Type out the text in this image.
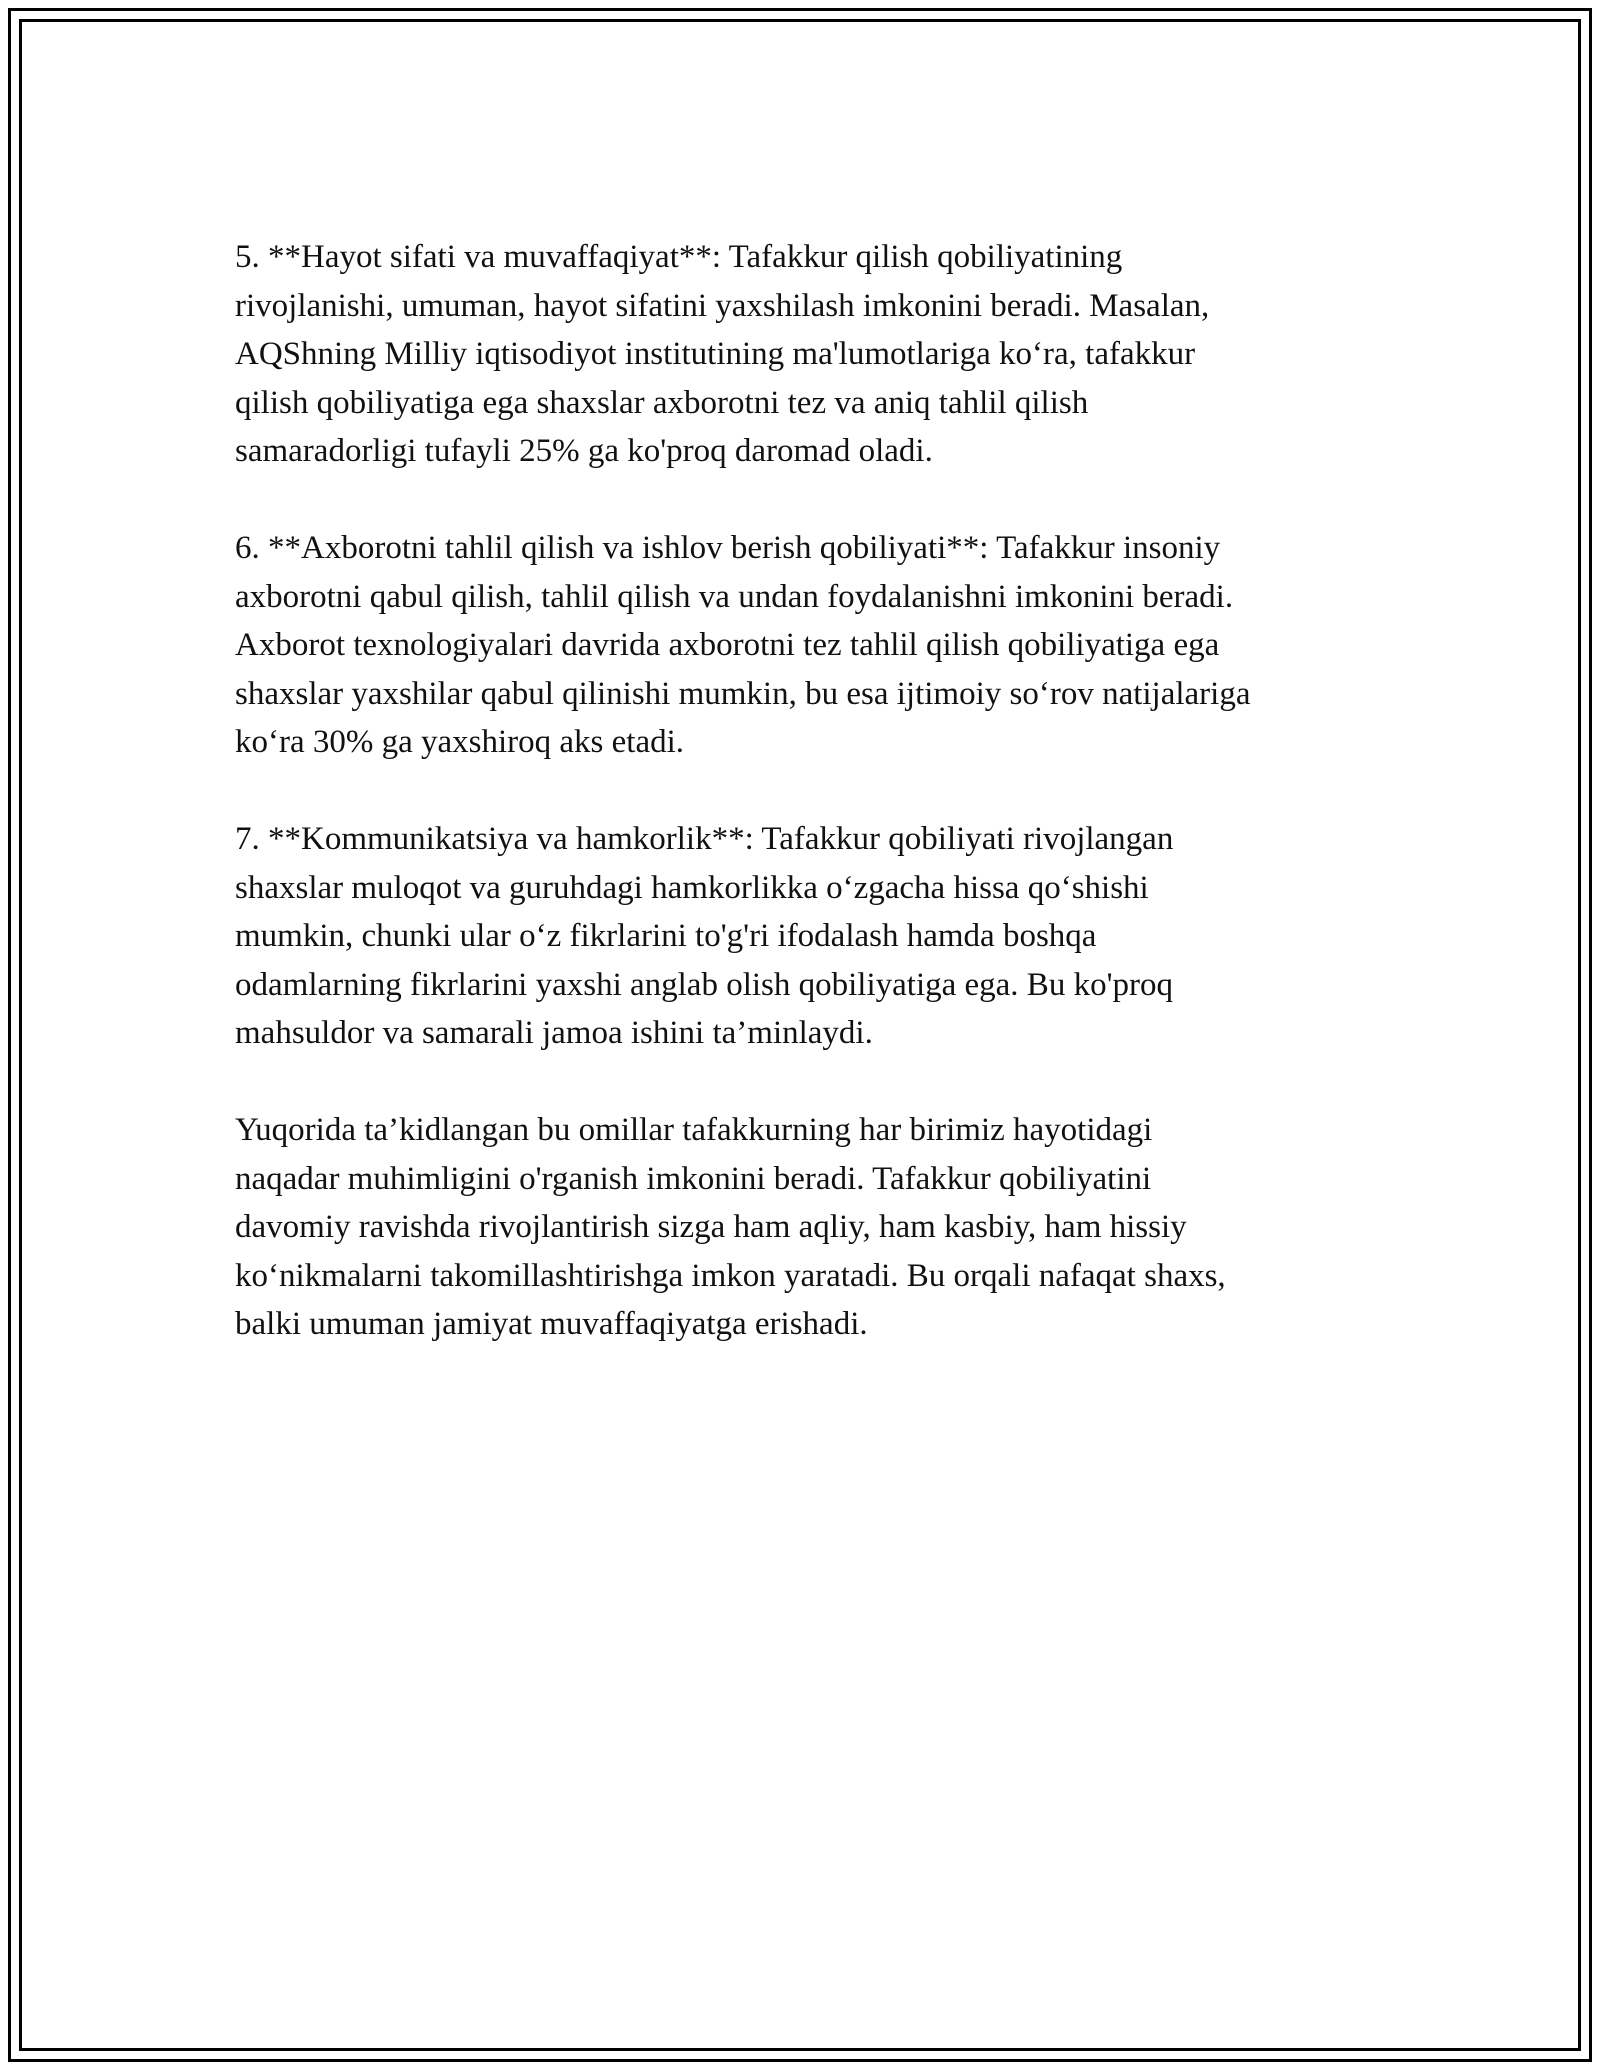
5. **Hayot sifati va muvaffaqiyat**: Tafakkur qilish qobiliyatining
rivojlanishi, umuman, hayot sifatini yaxshilash imkonini beradi. Masalan,
AQShning Milliy iqtisodiyot institutining ma'lumotlariga ko‘ra, tafakkur
qilish qobiliyatiga ega shaxslar axborotni tez va aniq tahlil qilish
samaradorligi tufayli 25% ga ko'proq daromad oladi.

6. **Axborotni tahlil qilish va ishlov berish qobiliyati**: Tafakkur insoniy
axborotni qabul qilish, tahlil qilish va undan foydalanishni imkonini beradi.
Axborot texnologiyalari davrida axborotni tez tahlil qilish qobiliyatiga ega
shaxslar yaxshilar qabul qilinishi mumkin, bu esa ijtimoiy so‘rov natijalariga
ko‘ra 30% ga yaxshiroq aks etadi.

7. **Kommunikatsiya va hamkorlik**: Tafakkur qobiliyati rivojlangan
shaxslar muloqot va guruhdagi hamkorlikka o‘zgacha hissa qo‘shishi
mumkin, chunki ular o‘z fikrlarini to'g'ri ifodalash hamda boshqa
odamlarning fikrlarini yaxshi anglab olish qobiliyatiga ega. Bu ko'proq
mahsuldor va samarali jamoa ishini ta’minlaydi.

Yuqorida ta’kidlangan bu omillar tafakkurning har birimiz hayotidagi
naqadar muhimligini o'rganish imkonini beradi. Tafakkur qobiliyatini
davomiy ravishda rivojlantirish sizga ham aqliy, ham kasbiy, ham hissiy
ko‘nikmalarni takomillashtirishga imkon yaratadi. Bu orqali nafaqat shaxs,
balki umuman jamiyat muvaffaqiyatga erishadi.
